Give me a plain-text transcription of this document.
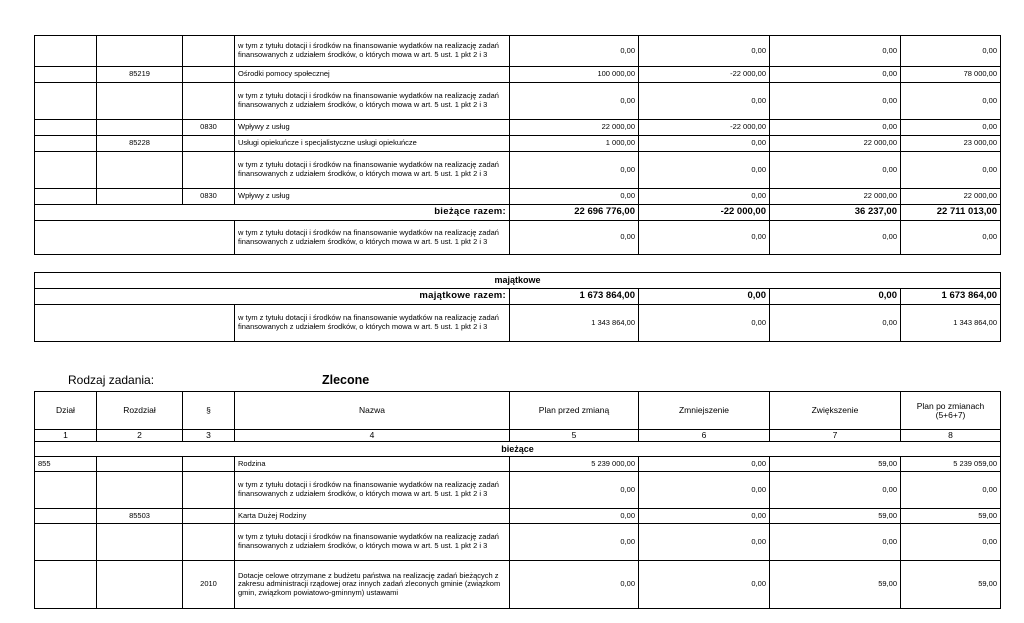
			w tym z tytułu dotacji i środków na finansowanie wydatków na realizację zadań finansowanych z udziałem środków, o których mowa w art. 5 ust. 1 pkt 2 i 3	0,00	0,00	0,00	0,00
	85219		Ośrodki pomocy społecznej	100 000,00	-22 000,00	0,00	78 000,00
			w tym z tytułu dotacji i środków na finansowanie wydatków na realizację zadań finansowanych z udziałem środków, o których mowa w art. 5 ust. 1 pkt 2 i 3	0,00	0,00	0,00	0,00
		0830	Wpływy z usług	22 000,00	-22 000,00	0,00	0,00
	85228		Usługi opiekuńcze i specjalistyczne usługi opiekuńcze	1 000,00	0,00	22 000,00	23 000,00
			w tym z tytułu dotacji i środków na finansowanie wydatków na realizację zadań finansowanych z udziałem środków, o których mowa w art. 5 ust. 1 pkt 2 i 3	0,00	0,00	0,00	0,00
		0830	Wpływy z usług	0,00	0,00	22 000,00	22 000,00
bieżące razem:				22 696 776,00	-22 000,00	36 237,00	22 711 013,00
			w tym z tytułu dotacji i środków na finansowanie wydatków na realizację zadań finansowanych z udziałem środków, o których mowa w art. 5 ust. 1 pkt 2 i 3	0,00	0,00	0,00	0,00
majątkowe					
majątkowe razem:		1 673 864,00	0,00	0,00	1 673 864,00
	w tym z tytułu dotacji i środków na finansowanie wydatków na realizację zadań finansowanych z udziałem środków, o których mowa w art. 5 ust. 1 pkt 2 i 3	1 343 864,00	0,00	0,00	1 343 864,00
Rodzaj zadania:	Zlecone
Dział	Rozdział	§	Nazwa	Plan przed zmianą	Zmniejszenie	Zwiększenie	Plan po zmianach (5+6+7)
1	2	3	4	5	6	7	8
bieżące							
855			Rodzina	5 239 000,00	0,00	59,00	5 239 059,00
			w tym z tytułu dotacji i środków na finansowanie wydatków na realizację zadań finansowanych z udziałem środków, o których mowa w art. 5 ust. 1 pkt 2 i 3	0,00	0,00	0,00	0,00
	85503		Karta Dużej Rodziny	0,00	0,00	59,00	59,00
			w tym z tytułu dotacji i środków na finansowanie wydatków na realizację zadań finansowanych z udziałem środków, o których mowa w art. 5 ust. 1 pkt 2 i 3	0,00	0,00	0,00	0,00
		2010	Dotacje celowe otrzymane z budżetu państwa na realizację zadań bieżących z zakresu administracji rządowej oraz innych zadań zleconych gminie (związkom gmin, związkom powiatowo-gminnym) ustawami	0,00	0,00	59,00	59,00
